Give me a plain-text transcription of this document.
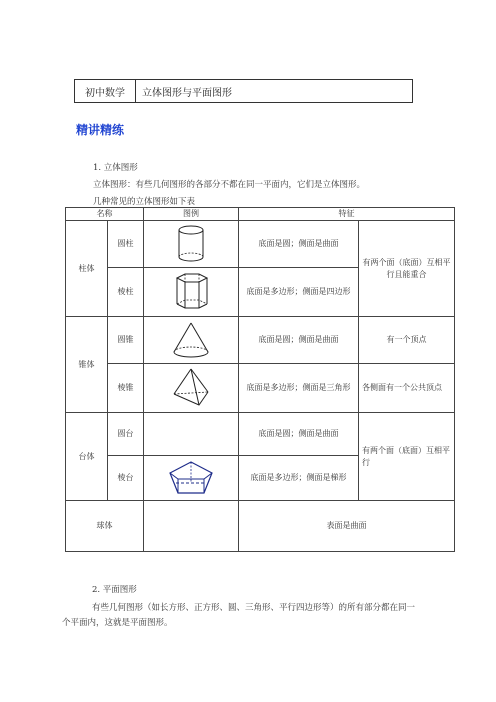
初中数学	立体图形与平面图形
精讲精练
1. 立体图形
立体图形：有些几何图形的各部分不都在同一平面内，它们是立体图形。
几种常见的立体图形如下表
名称		图例	特征	
柱体	圆柱		底面是圆；侧面是曲面	有两个面（底面）互相平行且能重合
	棱柱		底面是多边形；侧面是四边形	
锥体	圆锥		底面是圆；侧面是曲面	有一个顶点
	棱锥		底面是多边形；侧面是三角形	各侧面有一个公共顶点
台体	圆台		底面是圆；侧面是曲面	有两个面（底面）互相平行
	棱台		底面是多边形；侧面是梯形	
球体			表面是曲面	
2. 平面图形
有些几何图形（如长方形、正方形、圆、三角形、平行四边形等）的所有部分都在同一
个平面内，这就是平面图形。
